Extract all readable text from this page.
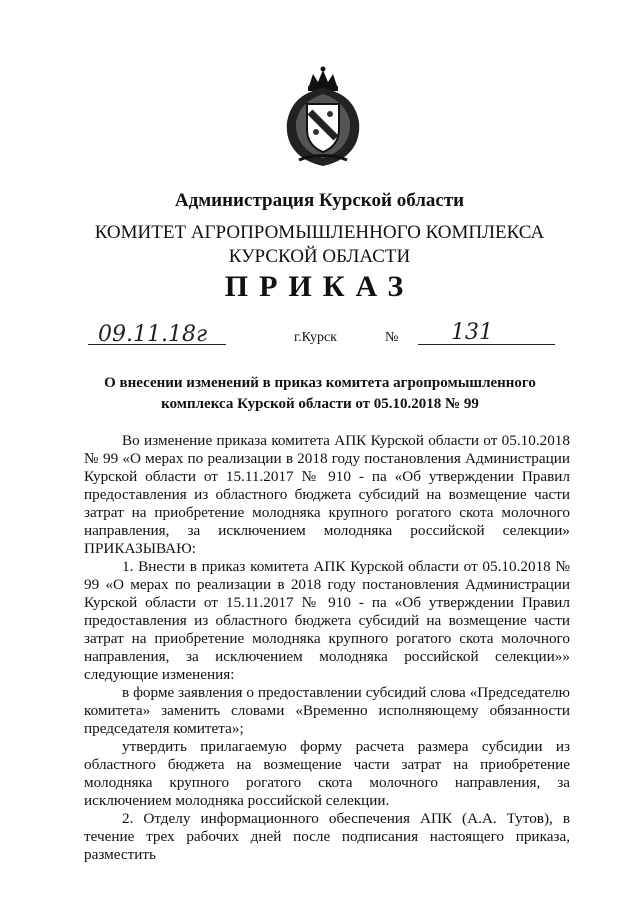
Администрация Курской области
КОМИТЕТ АГРОПРОМЫШЛЕННОГО КОМПЛЕКСА
КУРСКОЙ ОБЛАСТИ
ПРИКАЗ
09.11.18г	г.Курск	№ 131
О внесении изменений в приказ комитета агропромышленного
комплекса Курской области от 05.10.2018 № 99

Во изменение приказа комитета АПК Курской области от 05.10.2018 № 99 «О мерах по реализации в 2018 году постановления Администрации Курской области от 15.11.2017 № 910 - па «Об утверждении Правил предоставления из областного бюджета субсидий на возмещение части затрат на приобретение молодняка крупного рогатого скота молочного направления, за исключением молодняка российской селекции» ПРИКАЗЫВАЮ:

1. Внести в приказ комитета АПК Курской области от 05.10.2018 № 99 «О мерах по реализации в 2018 году постановления Администрации Курской области от 15.11.2017 № 910 - па «Об утверждении Правил предоставления из областного бюджета субсидий на возмещение части затрат на приобретение молодняка крупного рогатого скота молочного направления, за исключением молодняка российской селекции»» следующие изменения:

в форме заявления о предоставлении субсидий слова «Председателю комитета» заменить словами «Временно исполняющему обязанности председателя комитета»;

утвердить прилагаемую форму расчета размера субсидии из областного бюджета на возмещение части затрат на приобретение молодняка крупного рогатого скота молочного направления, за исключением молодняка российской селекции.

2. Отделу информационного обеспечения АПК (А.А. Тутов), в течение трех рабочих дней после подписания настоящего приказа, разместить
